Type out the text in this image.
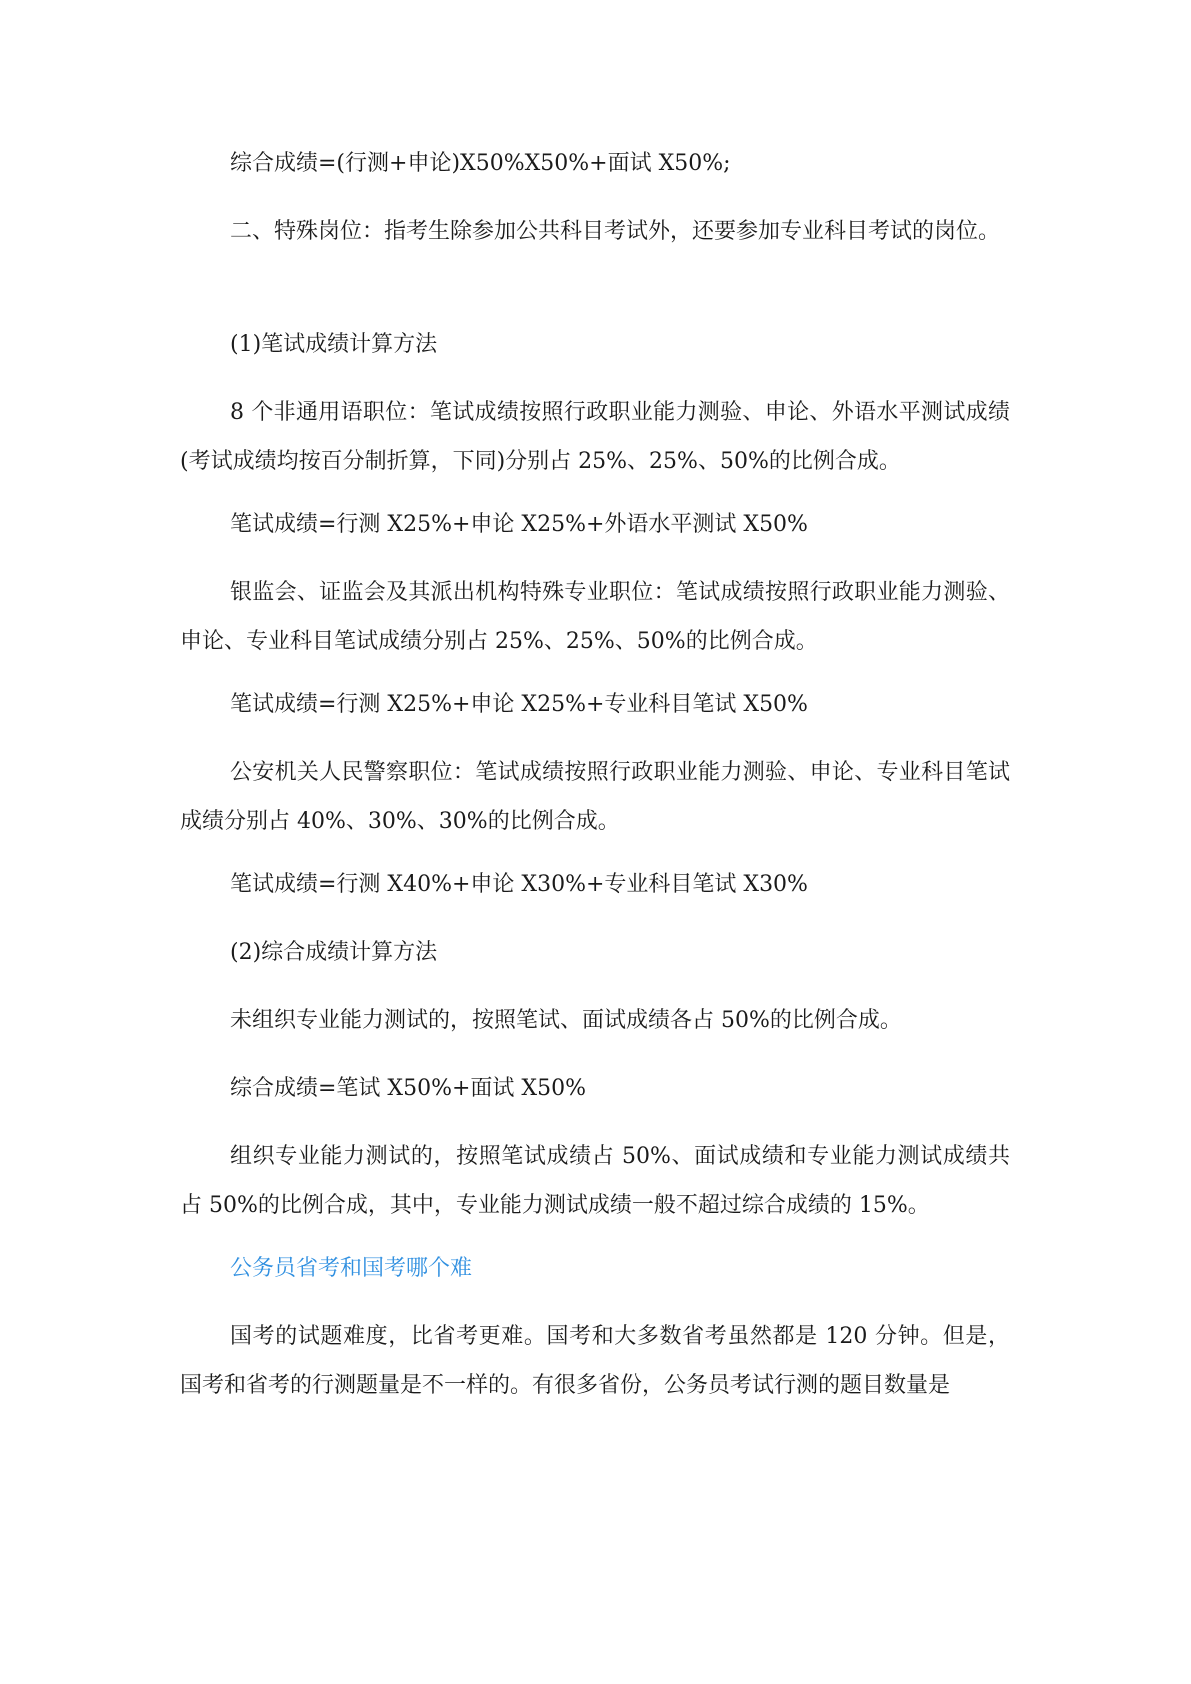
综合成绩=(行测+申论)X50%X50%+面试 X50%;

二、特殊岗位：指考生除参加公共科目考试外，还要参加专业科目考试的岗位。

(1)笔试成绩计算方法

8 个非通用语职位：笔试成绩按照行政职业能力测验、申论、外语水平测试成绩(考试成绩均按百分制折算，下同)分别占 25%、25%、50%的比例合成。

笔试成绩=行测 X25%+申论 X25%+外语水平测试 X50%

银监会、证监会及其派出机构特殊专业职位：笔试成绩按照行政职业能力测验、申论、专业科目笔试成绩分别占 25%、25%、50%的比例合成。

笔试成绩=行测 X25%+申论 X25%+专业科目笔试 X50%

公安机关人民警察职位：笔试成绩按照行政职业能力测验、申论、专业科目笔试成绩分别占 40%、30%、30%的比例合成。

笔试成绩=行测 X40%+申论 X30%+专业科目笔试 X30%

(2)综合成绩计算方法

未组织专业能力测试的，按照笔试、面试成绩各占 50%的比例合成。

综合成绩=笔试 X50%+面试 X50%

组织专业能力测试的，按照笔试成绩占 50%、面试成绩和专业能力测试成绩共占 50%的比例合成，其中，专业能力测试成绩一般不超过综合成绩的 15%。

公务员省考和国考哪个难

国考的试题难度，比省考更难。国考和大多数省考虽然都是 120 分钟。但是，国考和省考的行测题量是不一样的。有很多省份，公务员考试行测的题目数量是
